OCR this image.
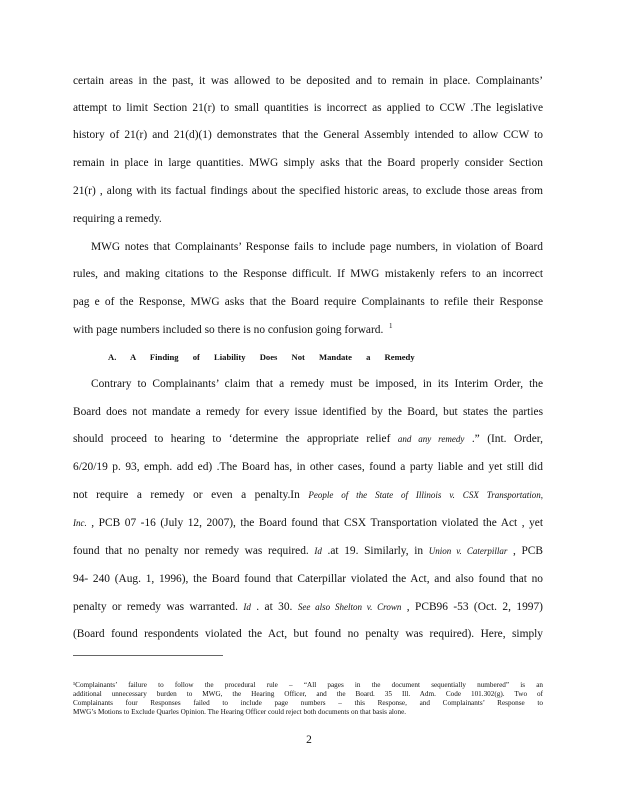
certain areas in the past, it was allowed to be deposited and to remain in place. Complainants’
attempt to limit Section 21(r) to small quantities is incorrect as applied to CCW .The legislative
history of 21(r) and 21(d)(1) demonstrates that the General Assembly intended to allow CCW to
remain in place in large quantities. MWG simply asks that the Board properly consider Section
21(r) , along with its factual findings about the specified historic areas, to exclude those areas from
requiring a remedy.
MWG notes that Complainants’ Response fails to include page numbers, in violation of Board
rules, and making citations to the Response difficult. If MWG mistakenly refers to an incorrect
pag e of the Response, MWG asks that the Board require Complainants to refile their Response
with page numbers included so there is no confusion going forward. $^1$
A. A Finding of Liability Does Not Mandate a Remedy
Contrary to Complainants’ claim that a remedy must be imposed, in its Interim Order, the
Board does not mandate a remedy for every issue identified by the Board, but states the parties
should proceed to hearing to ‘determine the appropriate relief and any remedy .” (Int. Order,
6/20/19 p. 93, emph. add ed) .The Board has, in other cases, found a party liable and yet still did
not require a remedy or even a penalty.In People of the State of Illinois v. CSX Transportation,
Inc. , PCB 07 -16 (July 12, 2007), the Board found that CSX Transportation violated the Act , yet
found that no penalty nor remedy was required. Id .at 19. Similarly, in Union v. Caterpillar , PCB
94- 240 (Aug. 1, 1996), the Board found that Caterpillar violated the Act, and also found that no
penalty or remedy was warranted. Id . at 30. See also Shelton v. Crown , PCB96 -53 (Oct. 2, 1997)
(Board found respondents violated the Act, but found no penalty was required). Here, simply
¹Complainants’ failure to follow the procedural rule – “All pages in the document sequentially numbered” is an
additional unnecessary burden to MWG, the Hearing Officer, and the Board. 35 Ill. Adm. Code 101.302(g). Two of
Complainants four Responses failed to include page numbers – this Response, and Complainants’ Response to
MWG’s Motions to Exclude Quarles Opinion. The Hearing Officer could reject both documents on that basis alone.
2
